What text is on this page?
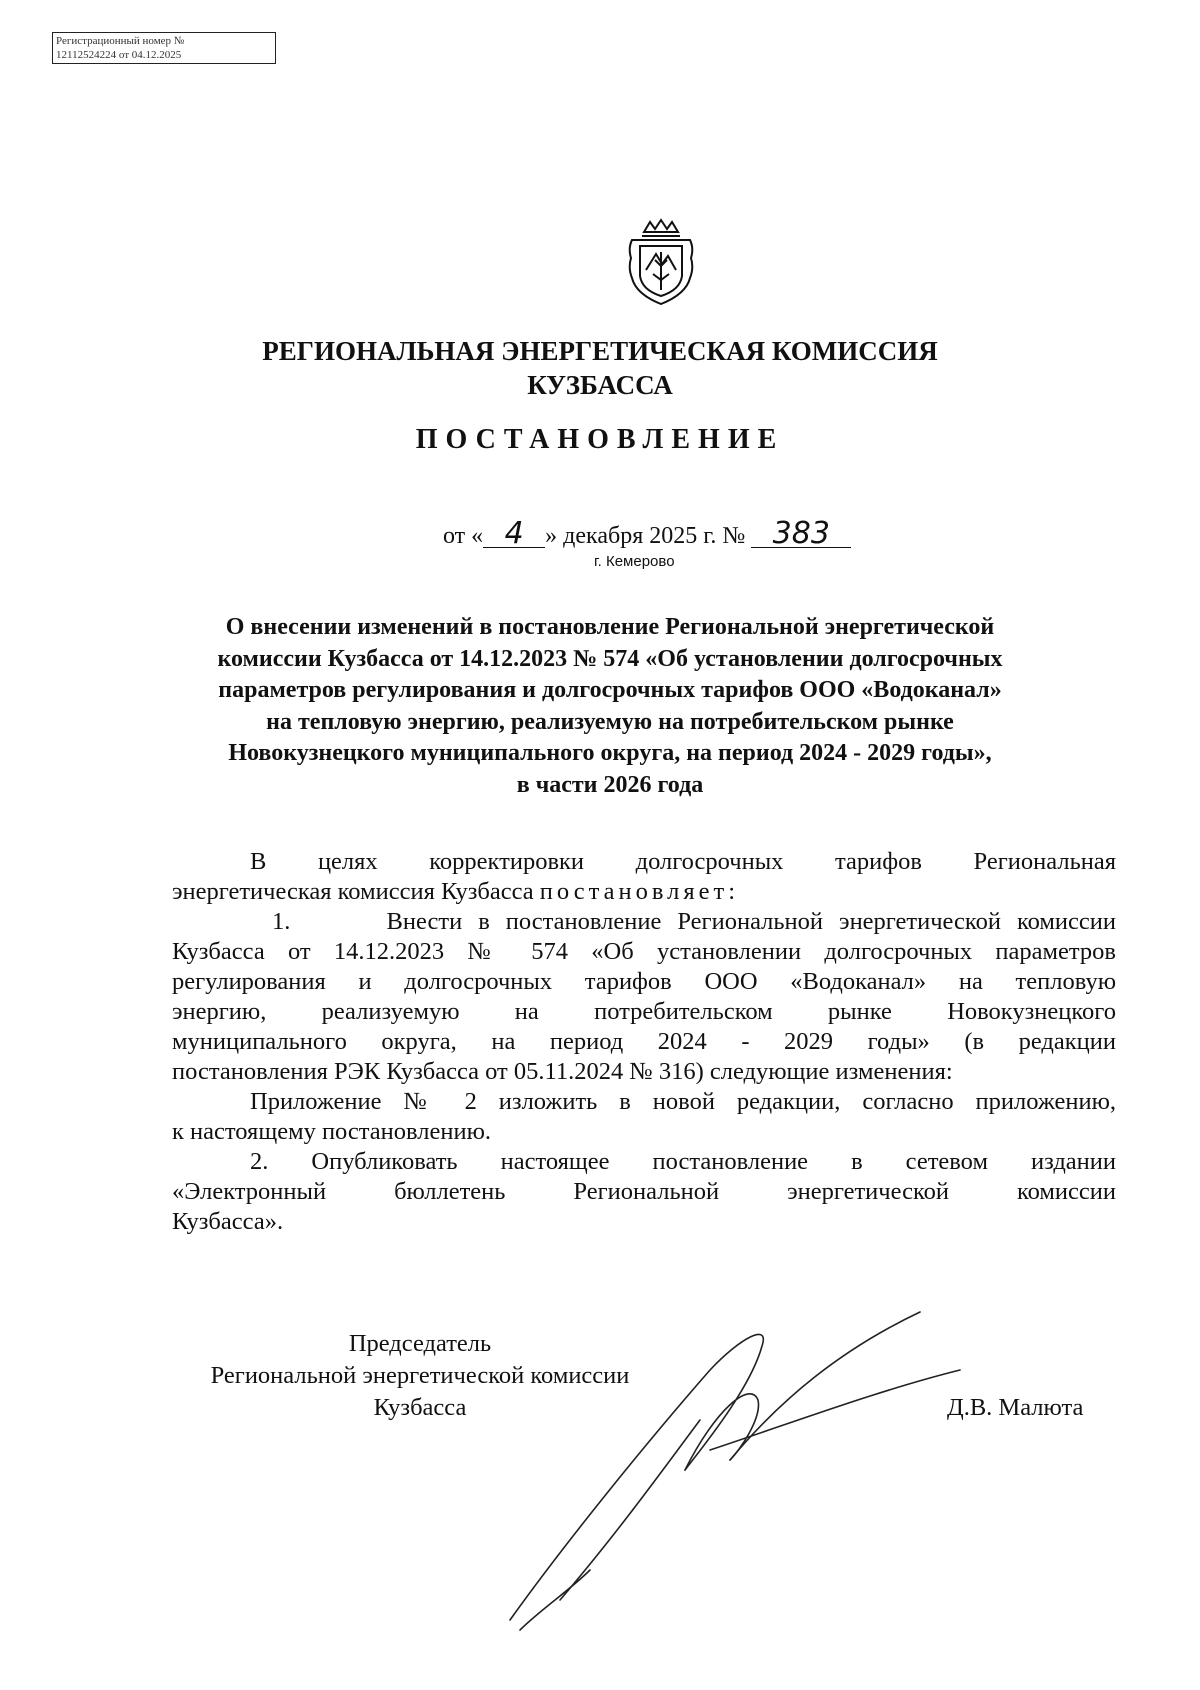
Регистрационный номер №
12112524224 от 04.12.2025
РЕГИОНАЛЬНАЯ ЭНЕРГЕТИЧЕСКАЯ КОМИССИЯ
КУЗБАССА
ПОСТАНОВЛЕНИЕ
от « 4 » декабря 2025 г. № 383
г. Кемерово
О внесении изменений в постановление Региональной энергетической
комиссии Кузбасса от 14.12.2023 № 574 «Об установлении долгосрочных
параметров регулирования и долгосрочных тарифов ООО «Водоканал»
на тепловую энергию, реализуемую на потребительском рынке
Новокузнецкого муниципального округа, на период 2024 - 2029 годы»,
в части 2026 года

В целях корректировки долгосрочных тарифов Региональная

энергетическая комиссия Кузбасса постановляет:

1.      Внести в постановление Региональной энергетической комиссии

Кузбасса от 14.12.2023 № 574 «Об установлении долгосрочных параметров

регулирования и долгосрочных тарифов ООО «Водоканал» на тепловую

энергию, реализуемую на потребительском рынке Новокузнецкого

муниципального округа, на период 2024 - 2029 годы» (в редакции

постановления РЭК Кузбасса от 05.11.2024 № 316) следующие изменения:

Приложение № 2 изложить в новой редакции, согласно приложению,

к настоящему постановлению.

2. Опубликовать настоящее постановление в сетевом издании

«Электронный бюллетень Региональной энергетической комиссии

Кузбасса».

Председатель
Региональной энергетической комиссии
Кузбасса	Д.В. Малюта
